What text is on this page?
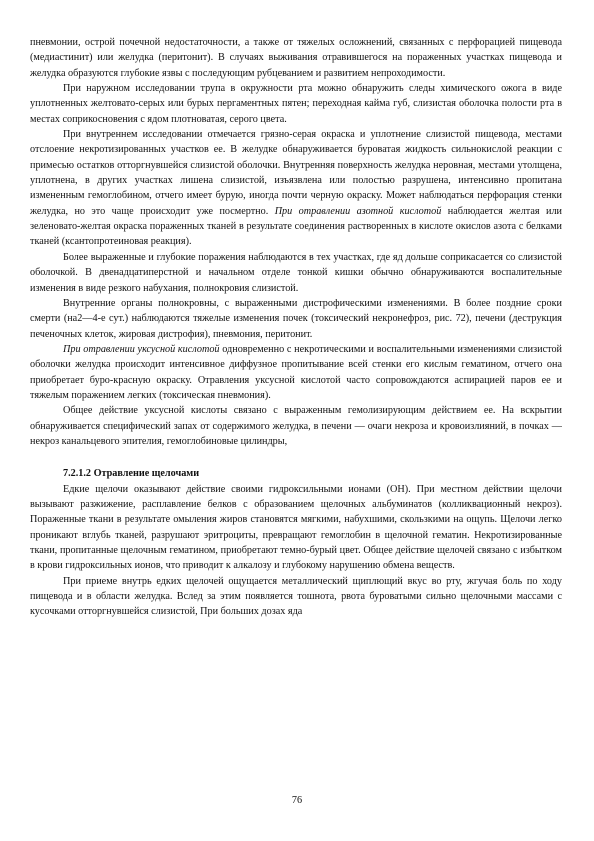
пневмонии, острой почечной недостаточности, а также от тяжелых осложнений, связанных с перфорацией пищевода (медиастинит) или желудка (перитонит). В случаях выживания отравившегося на пораженных участках пищевода и желудка образуются глубокие язвы с последующим рубцеванием и развитием непроходимости.

При наружном исследовании трупа в окружности рта можно обнаружить следы химического ожога в виде уплотненных желтовато-серых или бурых пергаментных пятен; переходная кайма губ, слизистая оболочка полости рта в местах соприкосновения с ядом плотноватая, серого цвета.

При внутреннем исследовании отмечается грязно-серая окраска и уплотнение слизистой пищевода, местами отслоение некротизированных участков ее. В желудке обнаруживается буроватая жидкость сильнокислой реакции с примесью остатков отторгнувшейся слизистой оболочки. Внутренняя поверхность желудка неровная, местами утолщена, уплотнена, в других участках лишена слизистой, изъязвлена или полостью разрушена, интенсивно пропитана измененным гемоглобином, отчего имеет бурую, иногда почти черную окраску. Может наблюдаться перфорация стенки желудка, но это чаще происходит уже посмертно. При отравлении азотной кислотой наблюдается желтая или зеленовато-желтая окраска пораженных тканей в результате соединения растворенных в кислоте окислов азота с белками тканей (ксантопротеиновая реакция).

Более выраженные и глубокие поражения наблюдаются в тех участках, где яд дольше соприкасается со слизистой оболочкой. В двенадцатиперстной и начальном отделе тонкой кишки обычно обнаруживаются воспалительные изменения в виде резкого набухания, полнокровия слизистой.

Внутренние органы полнокровны, с выраженными дистрофическими изменениями. В более поздние сроки смерти (на2—4-е сут.) наблюдаются тяжелые изменения почек (токсический некронефроз, рис. 72), печени (деструкция печеночных клеток, жировая дистрофия), пневмония, перитонит.

При отравлении уксусной кислотой одновременно с некротическими и воспалительными изменениями слизистой оболочки желудка происходит интенсивное диффузное пропитывание всей стенки его кислым гематином, отчего она приобретает буро-красную окраску. Отравления уксусной кислотой часто сопровождаются аспирацией паров ее и тяжелым поражением легких (токсическая пневмония).

Общее действие уксусной кислоты связано с выраженным гемолизирующим действием ее. На вскрытии обнаруживается специфический запах от содержимого желудка, в печени — очаги некроза и кровоизлияний, в почках — некроз канальцевого эпителия, гемоглобиновые цилиндры,

7.2.1.2 Отравление щелочами

Едкие щелочи оказывают действие своими гидроксильными ионами (ОН). При местном действии щелочи вызывают разжижение, расплавление белков с образованием щелочных альбуминатов (колликвационный некроз). Пораженные ткани в результате омыления жиров становятся мягкими, набухшими, скользкими на ощупь. Щелочи легко проникают вглубь тканей, разрушают эритроциты, превращают гемоглобин в щелочной гематин. Некротизированные ткани, пропитанные щелочным гематином, приобретают темно-бурый цвет. Общее действие щелочей связано с избытком в крови гидроксильных ионов, что приводит к алкалозу и глубокому нарушению обмена веществ.

При приеме внутрь едких щелочей ощущается металлический щиплющий вкус во рту, жгучая боль по ходу пищевода и в области желудка. Вслед за этим появляется тошнота, рвота буроватыми сильно щелочными массами с кусочками отторгнувшейся слизистой, При больших дозах яда

76
